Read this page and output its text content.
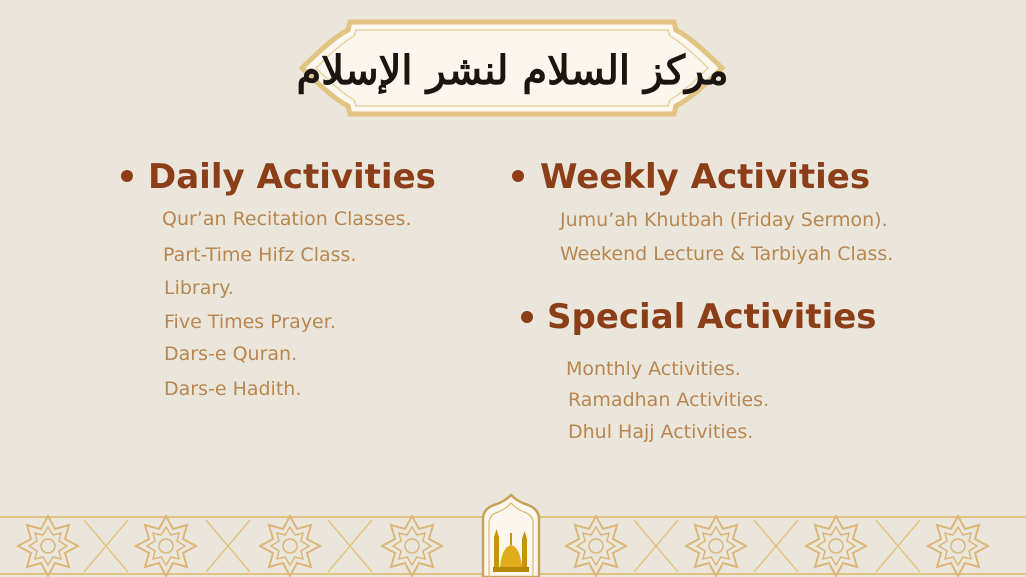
مركز السلام لنشر الإسلام
Daily Activities

Qur’an Recitation Classes.

Part-Time Hifz Class.

Library.

Five Times Prayer.

Dars-e Quran.

Dars-e Hadith.

Weekly Activities

Jumu’ah Khutbah (Friday Sermon).

Weekend Lecture & Tarbiyah Class.

Special Activities

Monthly Activities.

Ramadhan Activities.

Dhul Hajj Activities.
